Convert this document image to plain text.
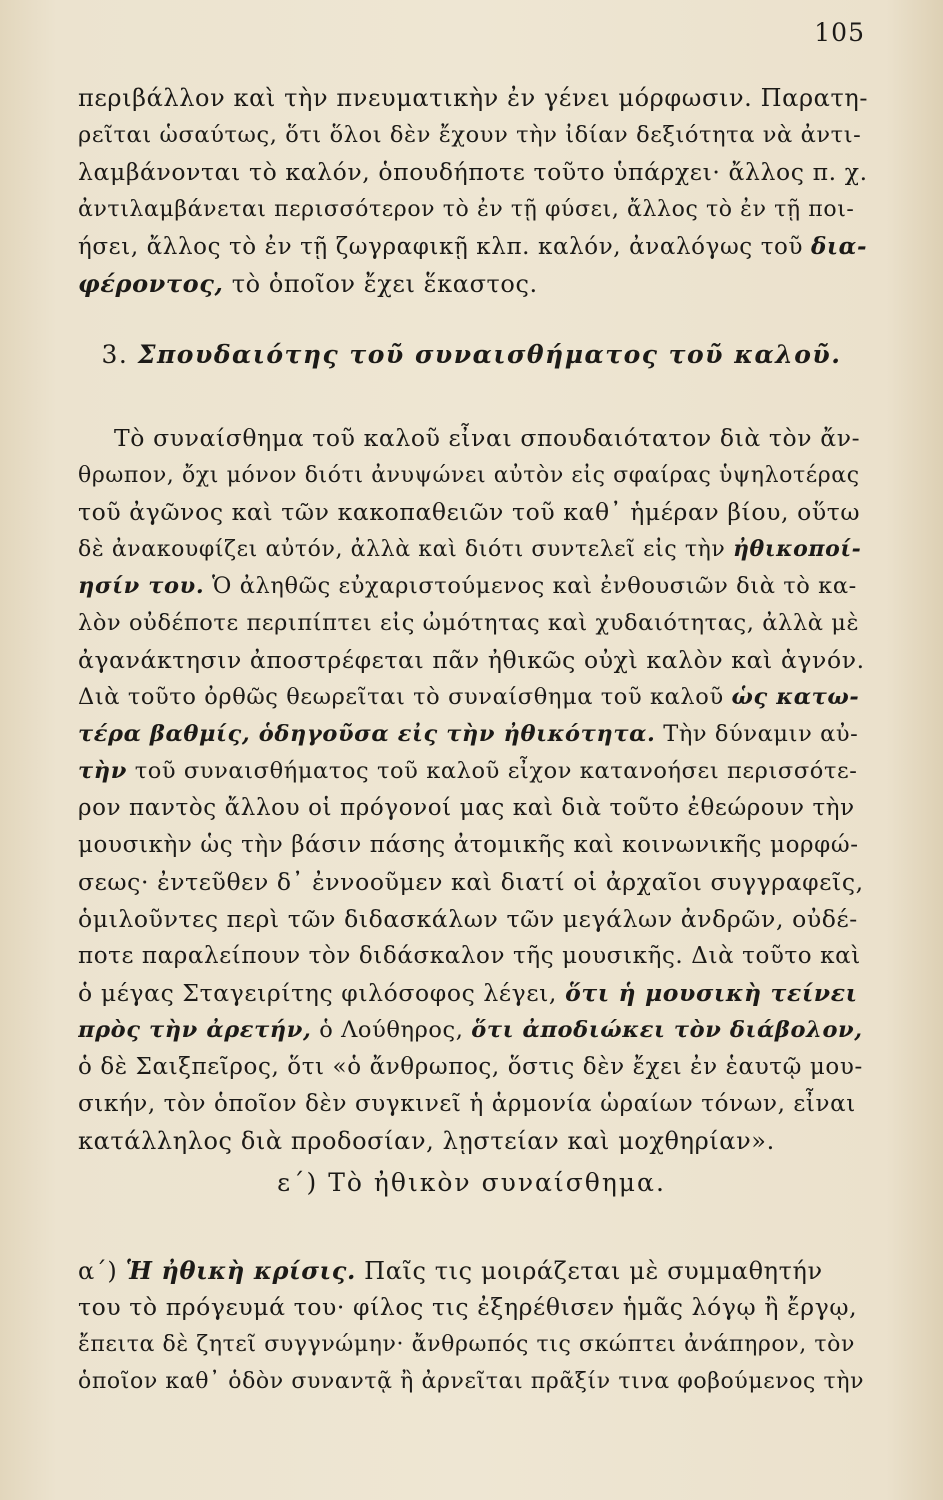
105
περιβάλλον καὶ τὴν πνευματικὴν ἐν γένει μόρφωσιν. Παρατη-
ρεῖται ὡσαύτως, ὅτι ὅλοι δὲν ἔχουν τὴν ἰδίαν δεξιότητα νὰ ἀντι-
λαμβάνονται τὸ καλόν, ὁπουδήποτε τοῦτο ὑπάρχει· ἄλλος π. χ.
ἀντιλαμβάνεται περισσότερον τὸ ἐν τῇ φύσει, ἄλλος τὸ ἐν τῇ ποι-
ήσει, ἄλλος τὸ ἐν τῇ ζωγραφικῇ κλπ. καλόν, ἀναλόγως τοῦ δια-
φέροντος, τὸ ὁποῖον ἔχει ἕκαστος.
3. Σπουδαιότης τοῦ συναισθήματος τοῦ καλοῦ.
Τὸ συναίσθημα τοῦ καλοῦ εἶναι σπουδαιότατον διὰ τὸν ἄν-
θρωπον, ὄχι μόνον διότι ἀνυψώνει αὐτὸν εἰς σφαίρας ὑψηλοτέρας
τοῦ ἀγῶνος καὶ τῶν κακοπαθειῶν τοῦ καθ᾽ ἡμέραν βίου, οὕτω
δὲ ἀνακουφίζει αὐτόν, ἀλλὰ καὶ διότι συντελεῖ εἰς τὴν ἠθικοποί-
ησίν του. Ὁ ἀληθῶς εὐχαριστούμενος καὶ ἐνθουσιῶν διὰ τὸ κα-
λὸν οὐδέποτε περιπίπτει εἰς ὠμότητας καὶ χυδαιότητας, ἀλλὰ μὲ
ἀγανάκτησιν ἀποστρέφεται πᾶν ἠθικῶς οὐχὶ καλὸν καὶ ἁγνόν.
Διὰ τοῦτο ὀρθῶς θεωρεῖται τὸ συναίσθημα τοῦ καλοῦ ὡς κατω-
τέρα βαθμίς, ὁδηγοῦσα εἰς τὴν ἠθικότητα. Τὴν δύναμιν αὐ-
τὴν τοῦ συναισθήματος τοῦ καλοῦ εἶχον κατανοήσει περισσότε-
ρον παντὸς ἄλλου οἱ πρόγονοί μας καὶ διὰ τοῦτο ἐθεώρουν τὴν
μουσικὴν ὡς τὴν βάσιν πάσης ἀτομικῆς καὶ κοινωνικῆς μορφώ-
σεως· ἐντεῦθεν δ᾽ ἐννοοῦμεν καὶ διατί οἱ ἀρχαῖοι συγγραφεῖς,
ὁμιλοῦντες περὶ τῶν διδασκάλων τῶν μεγάλων ἀνδρῶν, οὐδέ-
ποτε παραλείπουν τὸν διδάσκαλον τῆς μουσικῆς. Διὰ τοῦτο καὶ
ὁ μέγας Σταγειρίτης φιλόσοφος λέγει, ὅτι ἡ μουσικὴ τείνει
πρὸς τὴν ἀρετήν, ὁ Λούθηρος, ὅτι ἀποδιώκει τὸν διάβολον,
ὁ δὲ Σαιξπεῖρος, ὅτι «ὁ ἄνθρωπος, ὅστις δὲν ἔχει ἐν ἑαυτῷ μου-
σικήν, τὸν ὁποῖον δὲν συγκινεῖ ἡ ἁρμονία ὡραίων τόνων, εἶναι
κατάλληλος διὰ προδοσίαν, λῃστείαν καὶ μοχθηρίαν».
ε΄) Τὸ ἠθικὸν συναίσθημα.
α΄) Ἡ ἠθικὴ κρίσις. Παῖς τις μοιράζεται μὲ συμμαθητήν
του τὸ πρόγευμά του· φίλος τις ἐξηρέθισεν ἡμᾶς λόγῳ ἢ ἔργῳ,
ἔπειτα δὲ ζητεῖ συγγνώμην· ἄνθρωπός τις σκώπτει ἀνάπηρον, τὸν
ὁποῖον καθ᾽ ὁδὸν συναντᾷ ἢ ἀρνεῖται πρᾶξίν τινα φοβούμενος τὴν
